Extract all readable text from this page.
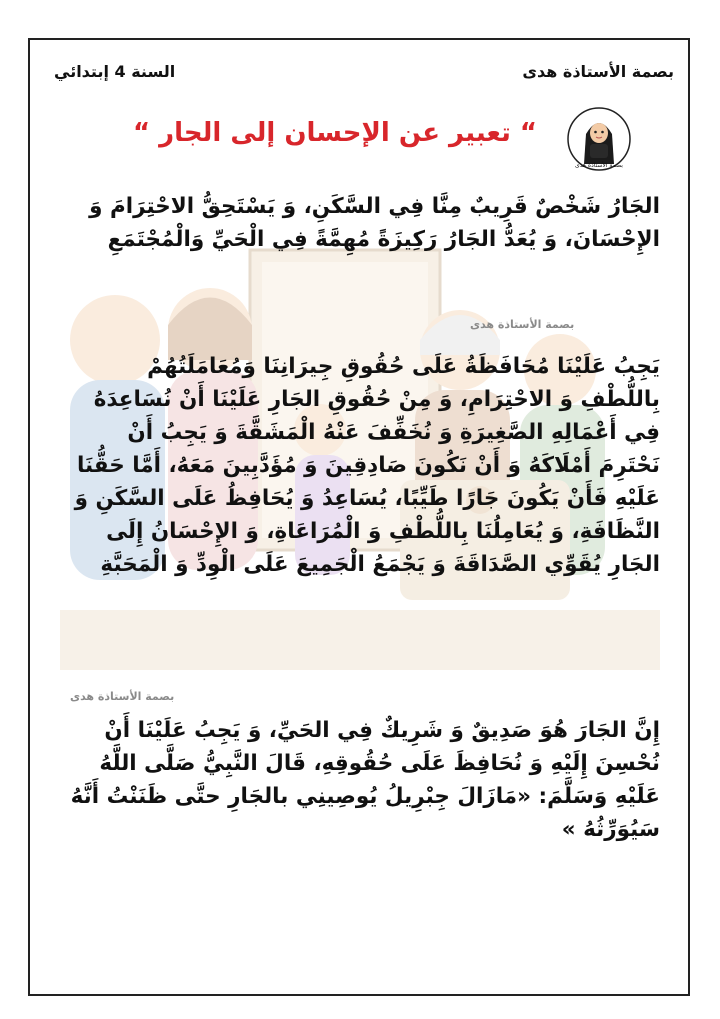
السنة 4 إبتدائي	بصمة الأستاذة هدى
بصمة الأستاذة هدى
“ تعبير عن الإحسان إلى الجار “
الجَارُ شَخْصٌ قَرِيبٌ مِنَّا فِي السَّكَنِ، وَ يَسْتَحِقُّ الاحْتِرَامَ وَ الإِحْسَانَ، وَ يُعَدُّ الجَارُ رَكِيزَةً مُهِمَّةً فِي الْحَيِّ وَالْمُجْتَمَعِ
بصمة الأستاذة هدى
يَجِبُ عَلَيْنَا مُحَافَظَةُ عَلَى حُقُوقِ جِيرَانِنَا وَمُعَامَلَتُهُمْ بِاللُّطْفِ وَ الاحْتِرَامِ، وَ مِنْ حُقُوقِ الجَارِ عَلَيْنَا أَنْ نُسَاعِدَهُ فِي أَعْمَالِهِ الصَّغِيرَةِ وَ نُخَفِّفَ عَنْهُ الْمَشَقَّةَ وَ يَجِبُ أَنْ نَحْتَرِمَ أَمْلَاكَهُ وَ أَنْ نَكُونَ صَادِقِينَ وَ مُؤَدَّبِينَ مَعَهُ، أَمَّا حَقُّنَا عَلَيْهِ فَأَنْ يَكُونَ جَارًا طَيِّبًا، يُسَاعِدُ وَ يُحَافِظُ عَلَى السَّكَنِ وَ النَّظَافَةِ، وَ يُعَامِلُنَا بِاللُّطْفِ وَ الْمُرَاعَاةِ، وَ الإِحْسَانُ إِلَى الجَارِ يُقَوِّي الصَّدَاقَةَ وَ يَجْمَعُ الْجَمِيعَ عَلَى الْوِدِّ وَ الْمَحَبَّةِ
بصمة الأستاذة هدى
إِنَّ الجَارَ هُوَ صَدِيقٌ وَ شَرِيكٌ فِي الحَيِّ، وَ يَجِبُ عَلَيْنَا أَنْ نُحْسِنَ إِلَيْهِ وَ نُحَافِظَ عَلَى حُقُوقِهِ، قَالَ النَّبِيُّ صَلَّى اللَّهُ عَلَيْهِ وَسَلَّمَ: «مَازَالَ جِبْرِيلُ يُوصِينِي بالجَارِ حتَّى ظَنَنْتُ أَنَّهُ سَيُوَرِّثُهُ »
